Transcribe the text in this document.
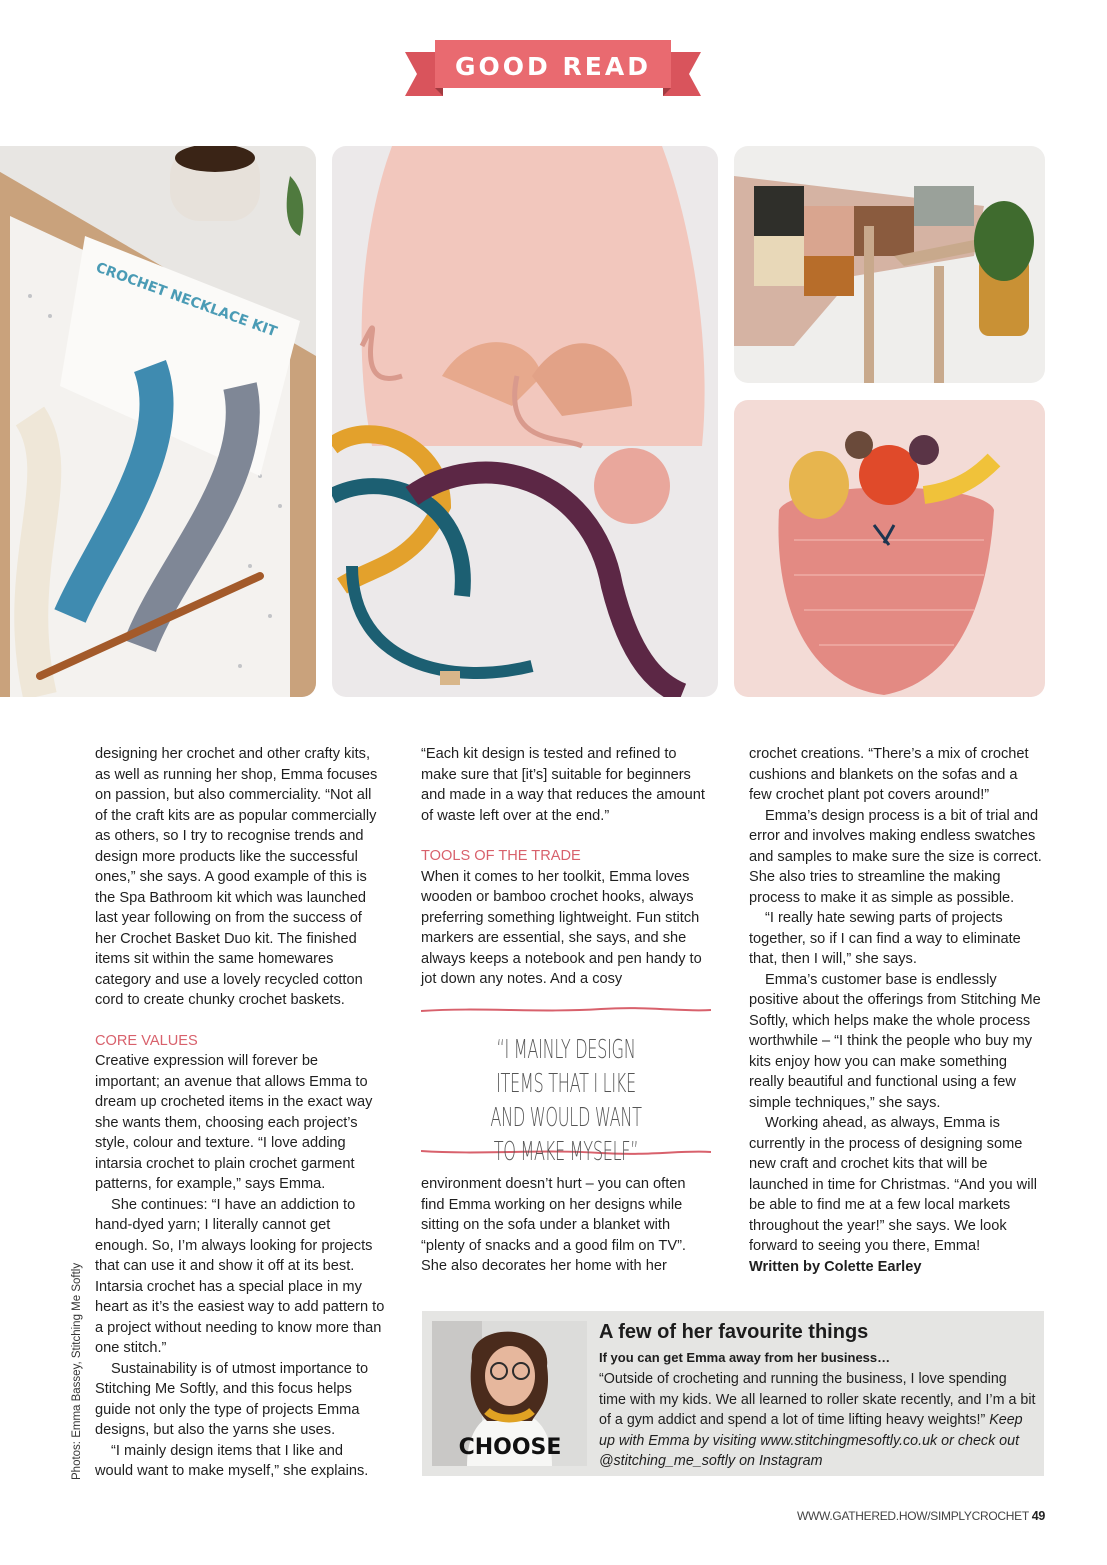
GOOD READ
CROCHET NECKLACE KIT

designing her crochet and other crafty kits, as well as running her shop, Emma focuses on passion, but also commerciality. “Not all of the craft kits are as popular commercially as others, so I try to recognise trends and design more products like the successful ones,” she says. A good example of this is the Spa Bathroom kit which was launched last year following on from the success of her Crochet Basket Duo kit. The finished items sit within the same homewares category and use a lovely recycled cotton cord to create chunky crochet baskets.

CORE VALUES

Creative expression will forever be important; an avenue that allows Emma to dream up crocheted items in the exact way she wants them, choosing each project’s style, colour and texture. “I love adding intarsia crochet to plain crochet garment patterns, for example,” says Emma.

She continues: “I have an addiction to hand-dyed yarn; I literally cannot get enough. So, I’m always looking for projects that can use it and show it off at its best. Intarsia crochet has a special place in my heart as it’s the easiest way to add pattern to a project without needing to know more than one stitch.”

Sustainability is of utmost importance to Stitching Me Softly, and this focus helps guide not only the type of projects Emma designs, but also the yarns she uses.

“I mainly design items that I like and would want to make myself,” she explains.

“Each kit design is tested and refined to make sure that [it’s] suitable for beginners and made in a way that reduces the amount of waste left over at the end.”

TOOLS OF THE TRADE

When it comes to her toolkit, Emma loves wooden or bamboo crochet hooks, always preferring something lightweight. Fun stitch markers are essential, she says, and she always keeps a notebook and pen handy to jot down any notes. And a cosy

“I MAINLY DESIGN ITEMS THAT I LIKE AND WOULD WANT TO MAKE MYSELF”

environment doesn’t hurt – you can often find Emma working on her designs while sitting on the sofa under a blanket with “plenty of snacks and a good film on TV”. She also decorates her home with her

crochet creations. “There’s a mix of crochet cushions and blankets on the sofas and a few crochet plant pot covers around!”

Emma’s design process is a bit of trial and error and involves making endless swatches and samples to make sure the size is correct. She also tries to streamline the making process to make it as simple as possible.

“I really hate sewing parts of projects together, so if I can find a way to eliminate that, then I will,” she says.

Emma’s customer base is endlessly positive about the offerings from Stitching Me Softly, which helps make the whole process worthwhile – “I think the people who buy my kits enjoy how you can make something really beautiful and functional using a few simple techniques,” she says.

Working ahead, as always, Emma is currently in the process of designing some new craft and crochet kits that will be launched in time for Christmas. “And you will be able to find me at a few local markets throughout the year!” she says. We look forward to seeing you there, Emma!

Written by Colette Earley

Photos: Emma Bassey, Stitching Me Softly	CHOOSE
A few of her favourite things
If you can get Emma away from her business…
“Outside of crocheting and running the business, I love spending time with my kids. We all learned to roller skate recently, and I’m a bit of a gym addict and spend a lot of time lifting heavy weights!” Keep up with Emma by visiting www.stitchingmesoftly.co.uk or check out @stitching_me_softly on Instagram
WWW.GATHERED.HOW/SIMPLYCROCHET 49
